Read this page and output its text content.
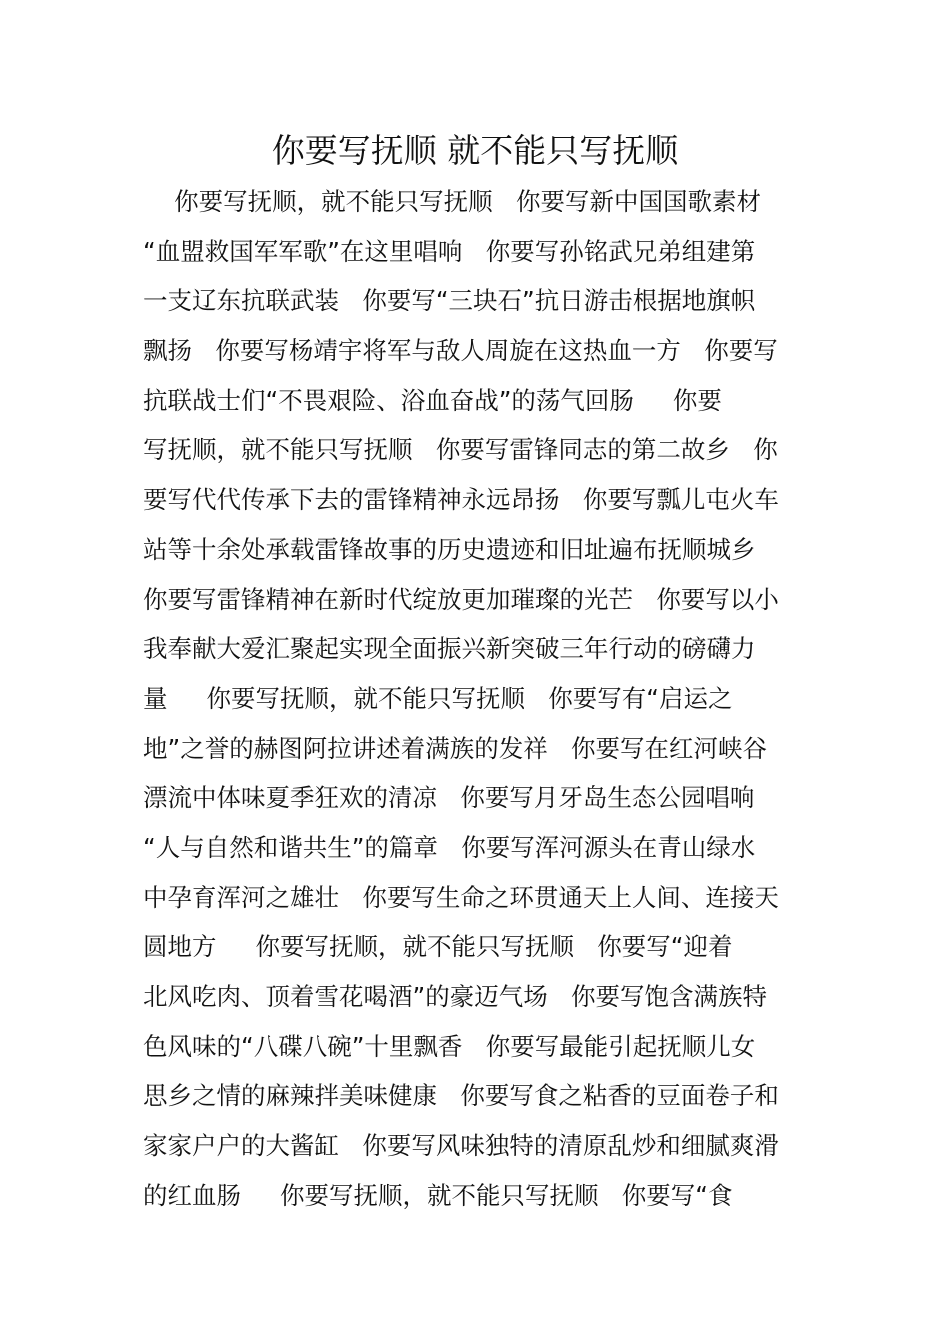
你要写抚顺 就不能只写抚顺
你要写抚顺，就不能只写抚顺   你要写新中国国歌素材
“血盟救国军军歌”在这里唱响   你要写孙铭武兄弟组建第
一支辽东抗联武装   你要写“三块石”抗日游击根据地旗帜
飘扬   你要写杨靖宇将军与敌人周旋在这热血一方   你要写
抗联战士们“不畏艰险、浴血奋战”的荡气回肠     你要
写抚顺，就不能只写抚顺   你要写雷锋同志的第二故乡   你
要写代代传承下去的雷锋精神永远昂扬   你要写瓢儿屯火车
站等十余处承载雷锋故事的历史遗迹和旧址遍布抚顺城乡
你要写雷锋精神在新时代绽放更加璀璨的光芒   你要写以小
我奉献大爱汇聚起实现全面振兴新突破三年行动的磅礴力
量     你要写抚顺，就不能只写抚顺   你要写有“启运之
地”之誉的赫图阿拉讲述着满族的发祥   你要写在红河峡谷
漂流中体味夏季狂欢的清凉   你要写月牙岛生态公园唱响
“人与自然和谐共生”的篇章   你要写浑河源头在青山绿水
中孕育浑河之雄壮   你要写生命之环贯通天上人间、连接天
圆地方     你要写抚顺，就不能只写抚顺   你要写“迎着
北风吃肉、顶着雪花喝酒”的豪迈气场   你要写饱含满族特
色风味的“八碟八碗”十里飘香   你要写最能引起抚顺儿女
思乡之情的麻辣拌美味健康   你要写食之粘香的豆面卷子和
家家户户的大酱缸   你要写风味独特的清原乱炒和细腻爽滑
的红血肠     你要写抚顺，就不能只写抚顺   你要写“食
